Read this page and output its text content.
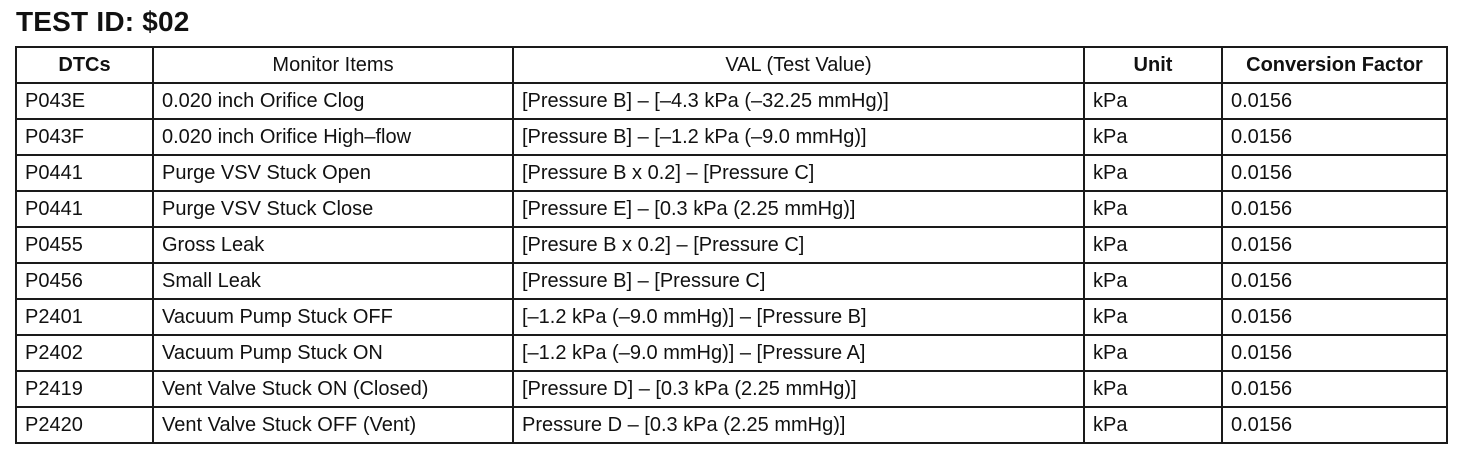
TEST ID: $02
DTCs	Monitor Items	VAL (Test Value)	Unit	Conversion Factor
P043E	0.020 inch Orifice Clog	[Pressure B] – [–4.3 kPa (–32.25 mmHg)]	kPa	0.0156
P043F	0.020 inch Orifice High–flow	[Pressure B] – [–1.2 kPa (–9.0 mmHg)]	kPa	0.0156
P0441	Purge VSV Stuck Open	[Pressure B x 0.2] – [Pressure C]	kPa	0.0156
P0441	Purge VSV Stuck Close	[Pressure E] – [0.3 kPa (2.25 mmHg)]	kPa	0.0156
P0455	Gross Leak	[Presure B x 0.2] – [Pressure C]	kPa	0.0156
P0456	Small Leak	[Pressure B] – [Pressure C]	kPa	0.0156
P2401	Vacuum Pump Stuck OFF	[–1.2 kPa (–9.0 mmHg)] – [Pressure B]	kPa	0.0156
P2402	Vacuum Pump Stuck ON	[–1.2 kPa (–9.0 mmHg)] – [Pressure A]	kPa	0.0156
P2419	Vent Valve Stuck ON (Closed)	[Pressure D] – [0.3 kPa (2.25 mmHg)]	kPa	0.0156
P2420	Vent Valve Stuck OFF (Vent)	Pressure D – [0.3 kPa (2.25 mmHg)]	kPa	0.0156
